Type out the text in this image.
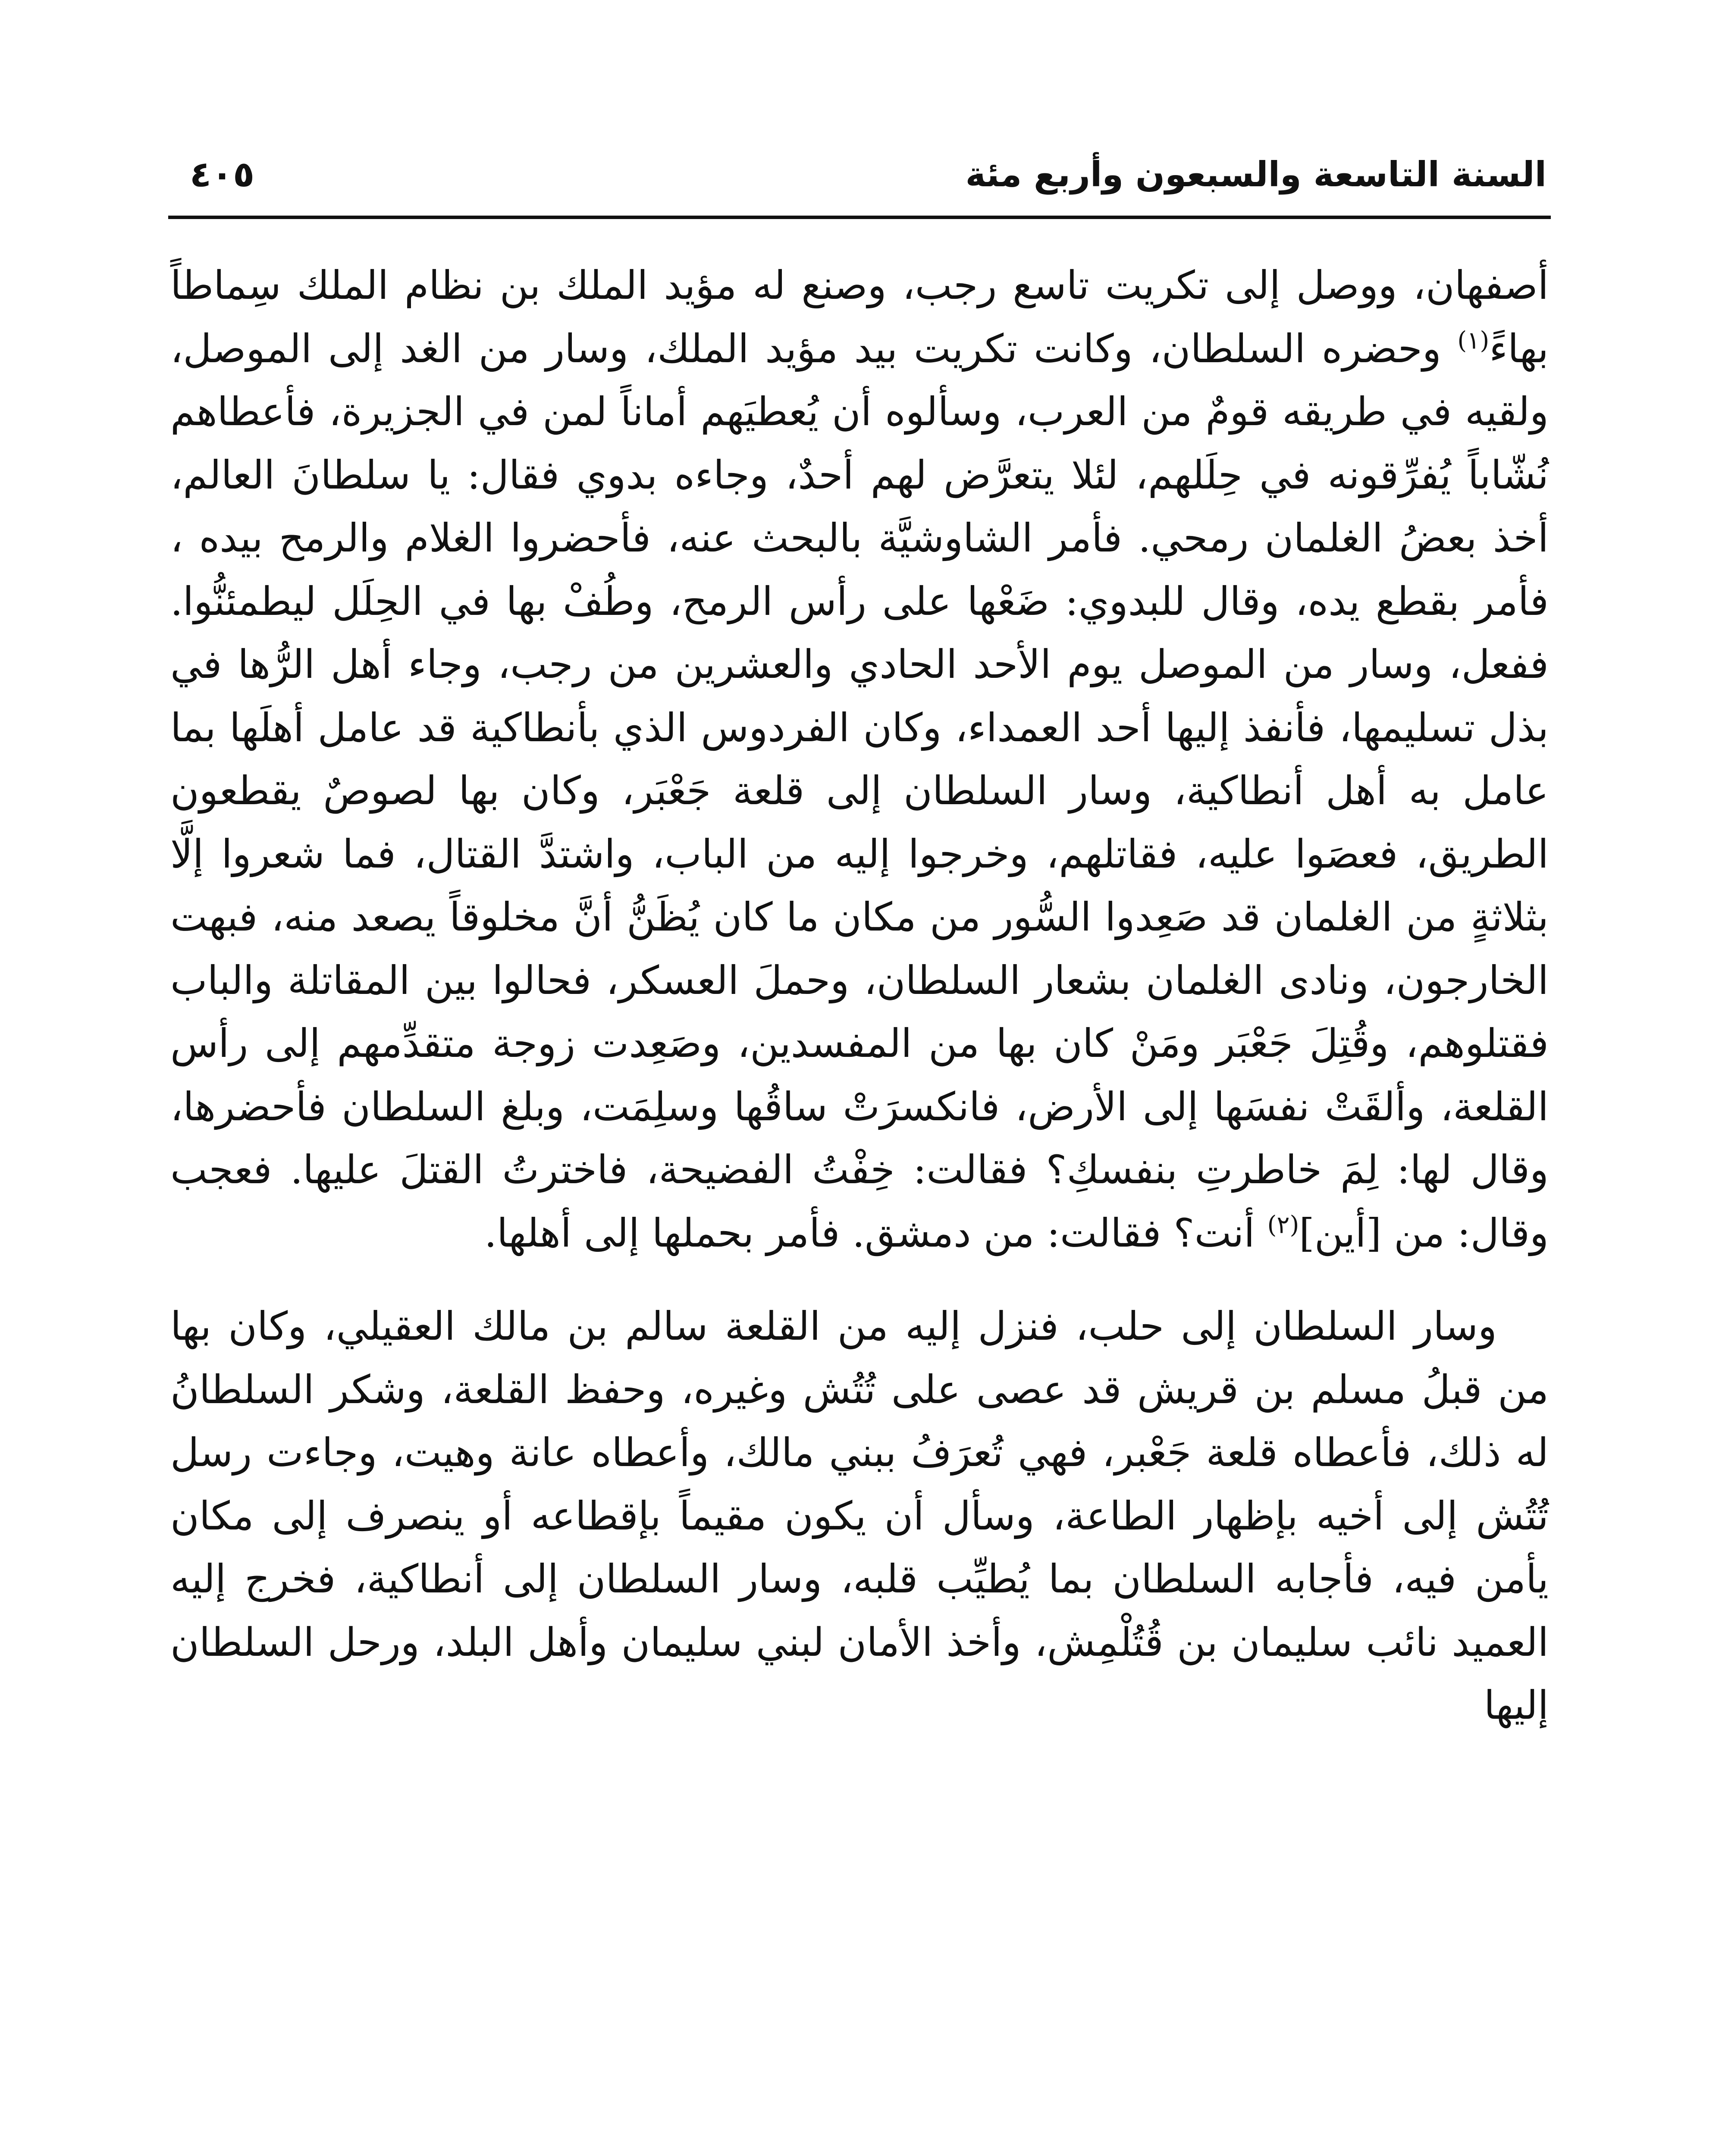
السنة التاسعة والسبعون وأربع مئة
٤٠٥

أصفهان، ووصل إلى تكريت تاسع رجب، وصنع له مؤيد الملك بن نظام الملك سِماطاً بهاءً$^{(١)}$ وحضره السلطان، وكانت تكريت بيد مؤيد الملك، وسار من الغد إلى الموصل، ولقيه في طريقه قومٌ من العرب، وسألوه أن يُعطيَهم أماناً لمن في الجزيرة، فأعطاهم نُشّاباً يُفرِّقونه في حِلَلهم، لئلا يتعرَّض لهم أحدٌ، وجاءه بدوي فقال: يا سلطانَ العالم، أخذ بعضُ الغلمان رمحي. فأمر الشاوشيَّة بالبحث عنه، فأحضروا الغلام والرمح بيده ، فأمر بقطع يده، وقال للبدوي: ضَعْها على رأس الرمح، وطُفْ بها في الحِلَل ليطمئنُّوا. ففعل، وسار من الموصل يوم الأحد الحادي والعشرين من رجب، وجاء أهل الرُّها في بذل تسليمها، فأنفذ إليها أحد العمداء، وكان الفردوس الذي بأنطاكية قد عامل أهلَها بما عامل به أهل أنطاكية، وسار السلطان إلى قلعة جَعْبَر، وكان بها لصوصٌ يقطعون الطريق، فعصَوا عليه، فقاتلهم، وخرجوا إليه من الباب، واشتدَّ القتال، فما شعروا إلَّا بثلاثةٍ من الغلمان قد صَعِدوا السُّور من مكان ما كان يُظَنُّ أنَّ مخلوقاً يصعد منه، فبهت الخارجون، ونادى الغلمان بشعار السلطان، وحملَ العسكر، فحالوا بين المقاتلة والباب فقتلوهم، وقُتِلَ جَعْبَر ومَنْ كان بها من المفسدين، وصَعِدت زوجة متقدِّمهم إلى رأس القلعة، وألقَتْ نفسَها إلى الأرض، فانكسرَتْ ساقُها وسلِمَت، وبلغ السلطان فأحضرها، وقال لها: لِمَ خاطرتِ بنفسكِ؟ فقالت: خِفْتُ الفضيحة، فاخترتُ القتلَ عليها. فعجب وقال: من [أين]$^{(٢)}$ أنت؟ فقالت: من دمشق. فأمر بحملها إلى أهلها.

وسار السلطان إلى حلب، فنزل إليه من القلعة سالم بن مالك العقيلي، وكان بها من قبلُ مسلم بن قريش قد عصى على تُتُش وغيره، وحفظ القلعة، وشكر السلطانُ له ذلك، فأعطاه قلعة جَعْبر، فهي تُعرَفُ ببني مالك، وأعطاه عانة وهيت، وجاءت رسل تُتُش إلى أخيه بإظهار الطاعة، وسأل أن يكون مقيماً بإقطاعه أو ينصرف إلى مكان يأمن فيه، فأجابه السلطان بما يُطيِّب قلبه، وسار السلطان إلى أنطاكية، فخرج إليه العميد نائب سليمان بن قُتُلْمِش، وأخذ الأمان لبني سليمان وأهل البلد، ورحل السلطان إليها
